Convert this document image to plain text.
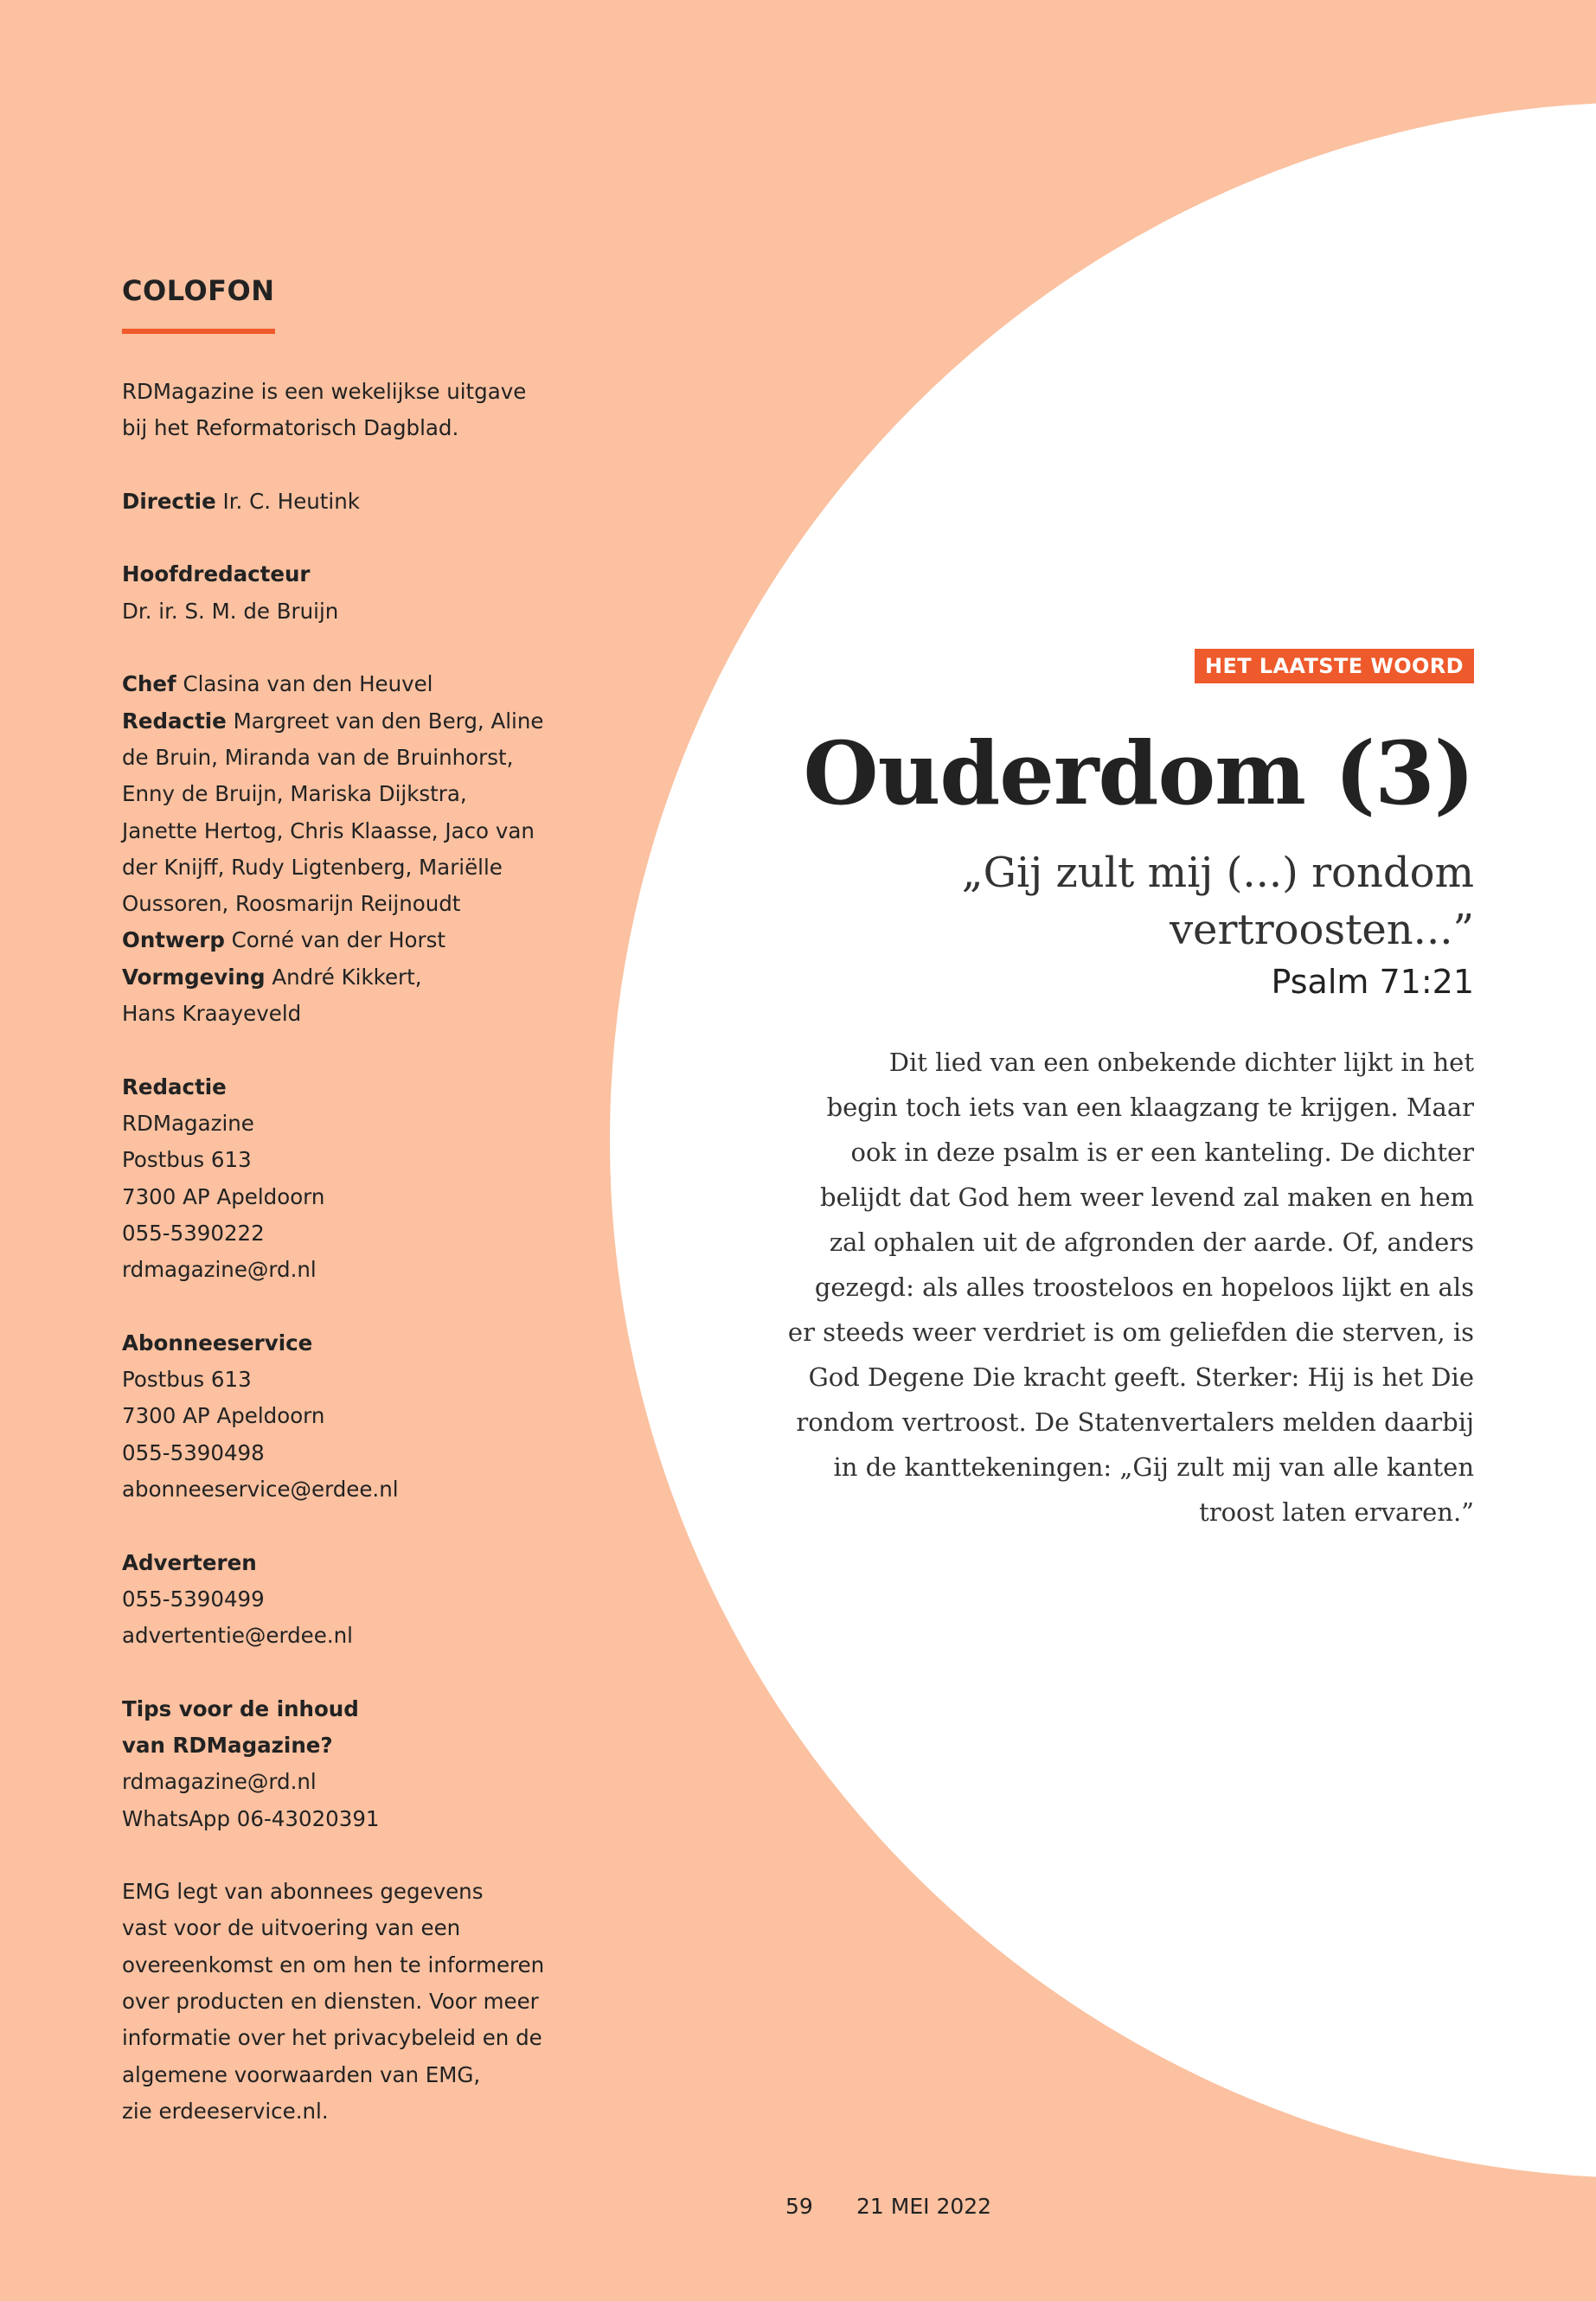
COLOFON

RDMagazine is een wekelijkse uitgave
bij het Reformatorisch Dagblad.

Directie Ir. C. Heutink

Hoofdredacteur
Dr. ir. S. M. de Bruijn

Chef Clasina van den Heuvel
Redactie Margreet van den Berg, Aline
de Bruin, Miranda van de Bruinhorst,
Enny de Bruijn, Mariska Dijkstra,
Janette Hertog, Chris Klaasse, Jaco van
der Knijff, Rudy Ligtenberg, Mariëlle
Oussoren, Roosmarijn Reijnoudt
Ontwerp Corné van der Horst
Vormgeving André Kikkert,
Hans Kraayeveld

Redactie
RDMagazine
Postbus 613
7300 AP Apeldoorn
055-5390222
rdmagazine@rd.nl

Abonneeservice
Postbus 613
7300 AP Apeldoorn
055-5390498
abonneeservice@erdee.nl

Adverteren
055-5390499
advertentie@erdee.nl

Tips voor de inhoud
van RDMagazine?
rdmagazine@rd.nl
WhatsApp 06-43020391

EMG legt van abonnees gegevens
vast voor de uitvoering van een
overeenkomst en om hen te informeren
over producten en diensten. Voor meer
informatie over het privacybeleid en de
algemene voorwaarden van EMG,
zie erdeeservice.nl.

HET LAATSTE WOORD
Ouderdom (3)
„Gij zult mij (...) rondom
vertroosten...”
Psalm 71:21
Dit lied van een onbekende dichter lijkt in het
begin toch iets van een klaagzang te krijgen. Maar
ook in deze psalm is er een kanteling. De dichter
belijdt dat God hem weer levend zal maken en hem
zal ophalen uit de afgronden der aarde. Of, anders
gezegd: als alles troosteloos en hopeloos lijkt en als
er steeds weer verdriet is om geliefden die sterven, is
God Degene Die kracht geeft. Sterker: Hij is het Die
rondom vertroost. De Statenvertalers melden daarbij
in de kanttekeningen: „Gij zult mij van alle kanten
troost laten ervaren.”
59 21 MEI 2022
